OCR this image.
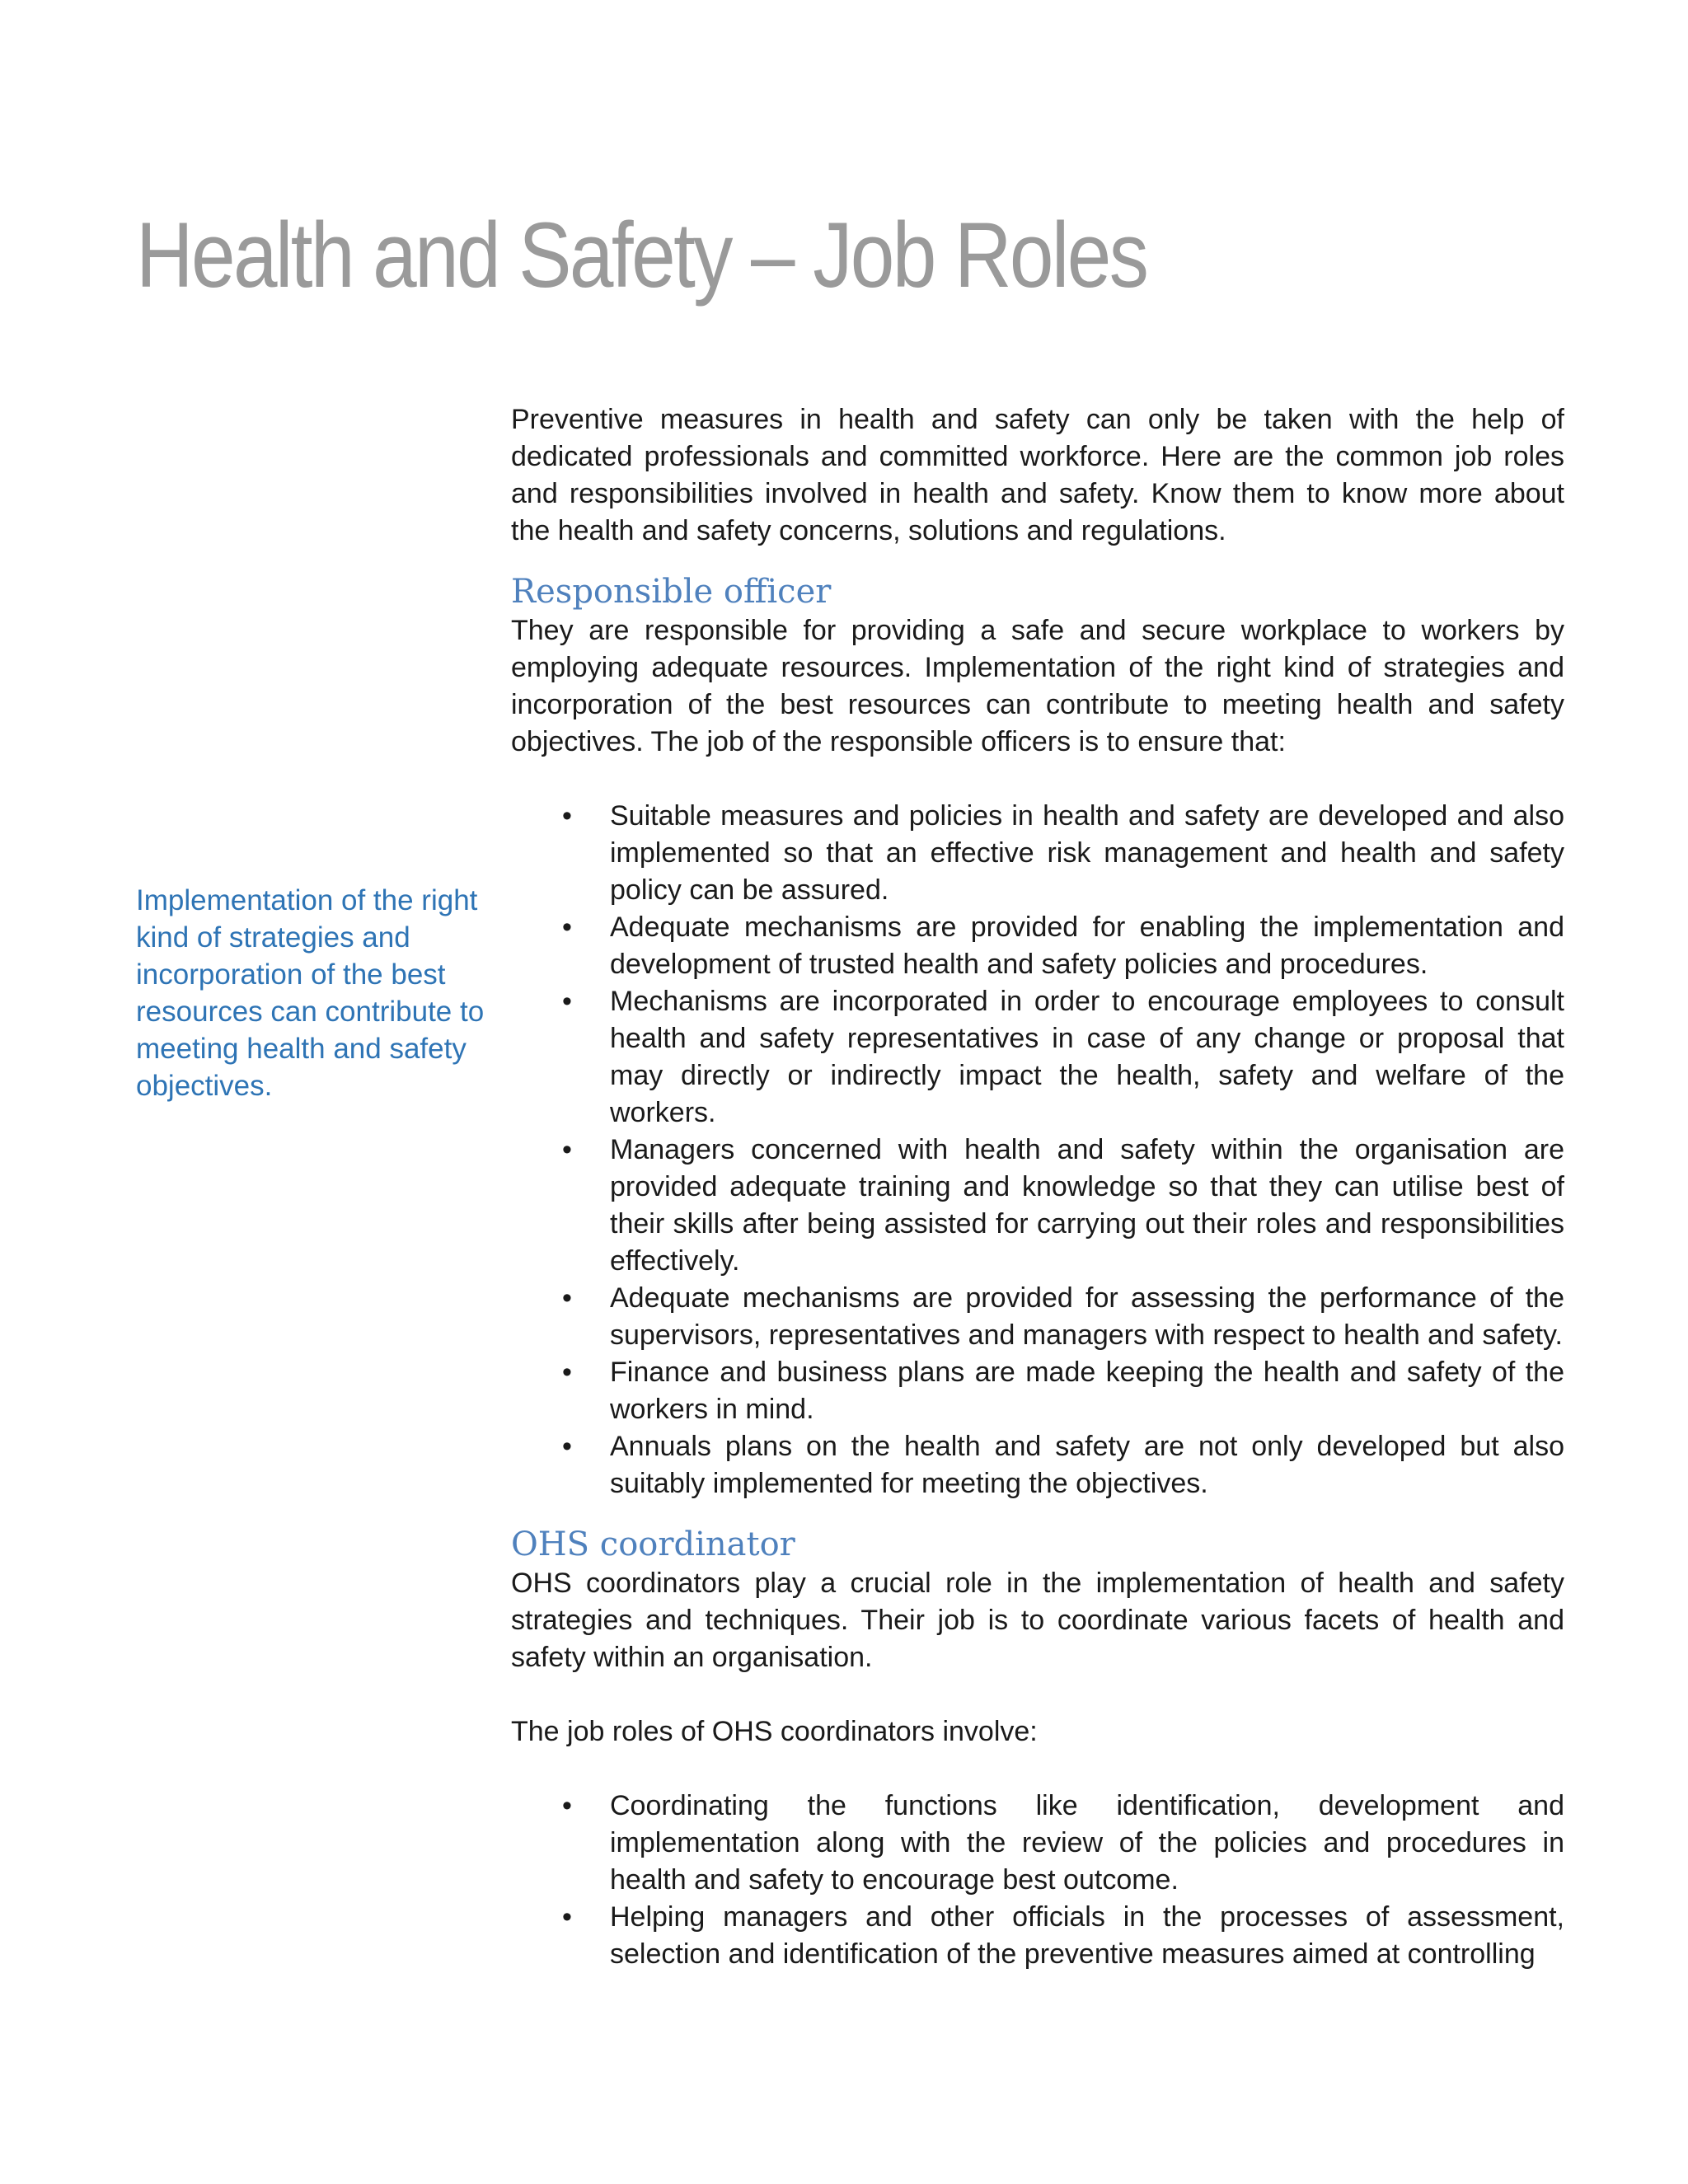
Health and Safety – Job Roles

Implementation of the right kind of strategies and incorporation of the best resources can contribute to meeting health and safety objectives.

Preventive measures in health and safety can only be taken with the help of dedicated professionals and committed workforce. Here are the common job roles and responsibilities involved in health and safety. Know them to know more about the health and safety concerns, solutions and regulations.

Responsible officer

They are responsible for providing a safe and secure workplace to workers by employing adequate resources. Implementation of the right kind of strategies and incorporation of the best resources can contribute to meeting health and safety objectives. The job of the responsible officers is to ensure that:

•	Suitable measures and policies in health and safety are developed and also implemented so that an effective risk management and health and safety policy can be assured.
•	Adequate mechanisms are provided for enabling the implementation and development of trusted health and safety policies and procedures.
•	Mechanisms are incorporated in order to encourage employees to consult health and safety representatives in case of any change or proposal that may directly or indirectly impact the health, safety and welfare of the workers.
•	Managers concerned with health and safety within the organisation are provided adequate training and knowledge so that they can utilise best of their skills after being assisted for carrying out their roles and responsibilities effectively.
•	Adequate mechanisms are provided for assessing the performance of the supervisors, representatives and managers with respect to health and safety.
•	Finance and business plans are made keeping the health and safety of the workers in mind.
•	Annuals plans on the health and safety are not only developed but also suitably implemented for meeting the objectives.
OHS coordinator

OHS coordinators play a crucial role in the implementation of health and safety strategies and techniques. Their job is to coordinate various facets of health and safety within an organisation.

The job roles of OHS coordinators involve:

•	Coordinating the functions like identification, development and implementation along with the review of the policies and procedures in health and safety to encourage best outcome.
•	Helping managers and other officials in the processes of assessment, selection and identification of the preventive measures aimed at controlling
